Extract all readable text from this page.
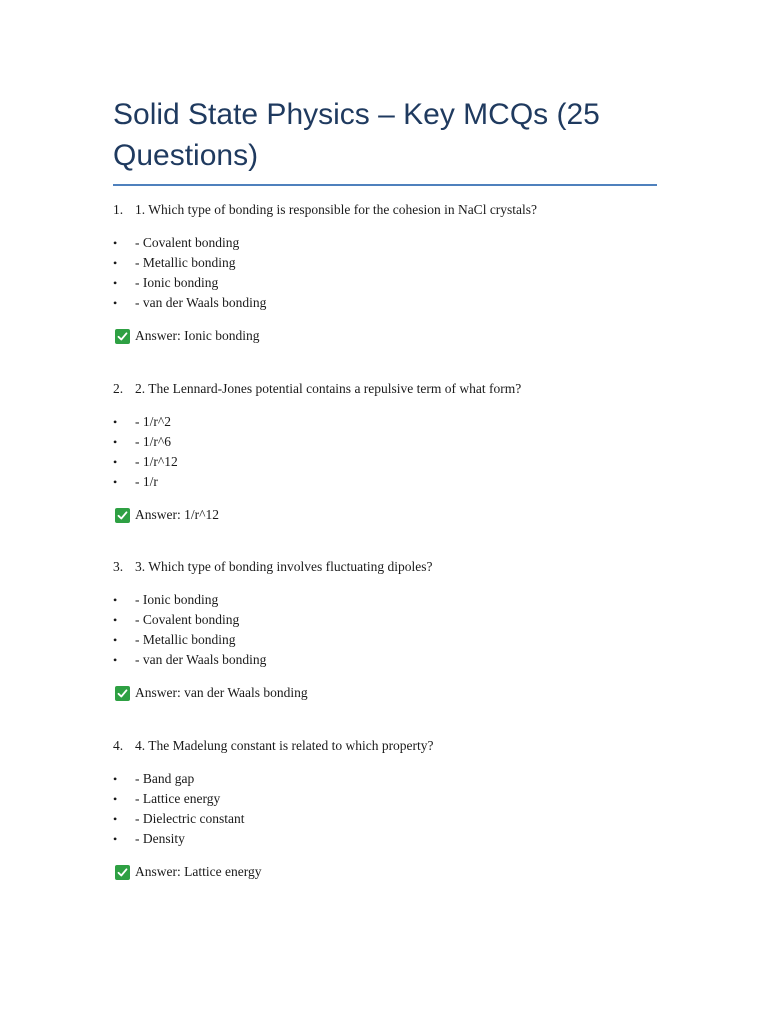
Solid State Physics – Key MCQs (25 Questions)
1. 1. Which type of bonding is responsible for the cohesion in NaCl crystals?
•	- Covalent bonding
•	- Metallic bonding
•	- Ionic bonding
•	- van der Waals bonding
Answer: Ionic bonding
2. 2. The Lennard-Jones potential contains a repulsive term of what form?
•	- 1/r^2
•	- 1/r^6
•	- 1/r^12
•	- 1/r
Answer: 1/r^12
3. 3. Which type of bonding involves fluctuating dipoles?
•	- Ionic bonding
•	- Covalent bonding
•	- Metallic bonding
•	- van der Waals bonding
Answer: van der Waals bonding
4. 4. The Madelung constant is related to which property?
•	- Band gap
•	- Lattice energy
•	- Dielectric constant
•	- Density
Answer: Lattice energy
